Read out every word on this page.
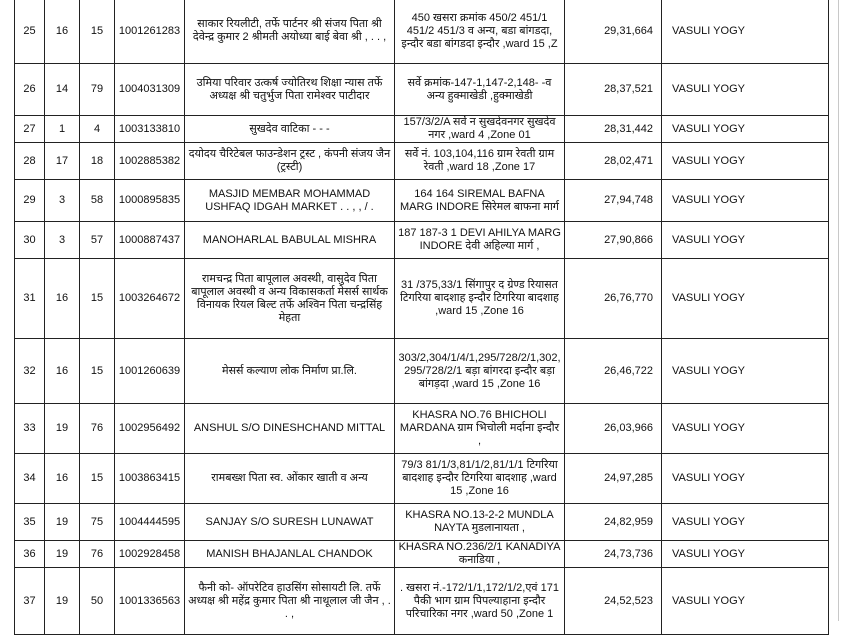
25	16	15	1001261283	साकार रियलीटी, तर्फे पार्टनर श्री संजय पिता श्री देवेन्द्र कुमार 2 श्रीमती अयोध्या बाई बेवा श्री , . . ,	450 खसरा क्रमांक 450/2 451/1 451/2 451/3 व अन्य, बडा बांगडदा, इन्दौर बडा बांगडदा इन्दौर ,ward 15 ,Z	29,31,664	VASULI YOGY
26	14	79	1004031309	उमिया परिवार उत्कर्ष ज्योतिरथ शिक्षा न्यास तर्फे अध्यक्ष श्री चतुर्भुज पिता रामेश्वर पाटीदार	सर्वे क्रमांक-147-1,147-2,148- -व अन्य हुक्माखेडी ,हुक्माखेडी	28,37,521	VASULI YOGY
27	1	4	1003133810	सुखदेव वाटिका - - -	157/3/2/A सर्वे न सुखदेवनगर सुखदेव नगर ,ward 4 ,Zone 01	28,31,442	VASULI YOGY
28	17	18	1002885382	दयोदय चैरिटेबल फाउन्डेशन ट्रस्ट , कंपनी संजय जैन (ट्रस्टी)	सर्वे नं. 103,104,116 ग्राम रेवती ग्राम रेवती ,ward 18 ,Zone 17	28,02,471	VASULI YOGY
29	3	58	1000895835	MASJID MEMBAR MOHAMMAD USHFAQ IDGAH MARKET . . , , / .	164 164 SIREMAL BAFNA MARG INDORE सिरेमल बाफना मार्ग	27,94,748	VASULI YOGY
30	3	57	1000887437	MANOHARLAL BABULAL MISHRA	187 187-3 1 DEVI AHILYA MARG INDORE देवी अहिल्या मार्ग ,	27,90,866	VASULI YOGY
31	16	15	1003264672	रामचन्द्र पिता बापूलाल अवस्थी, वासुदेव पिता बापूलाल अवस्थी व अन्य विकासकर्ता मेसर्स सार्थक विनायक रियल बिल्ट तर्फे अश्विन पिता चन्द्रसिंह मेहता	31 /375,33/1 सिंगापुर द ग्रेण्ड रियासत टिगरिया बादशाह इन्दौर टिगरिया बादशाह ,ward 15 ,Zone 16	26,76,770	VASULI YOGY
32	16	15	1001260639	मेसर्स कल्याण लोक निर्माण प्रा.लि.	303/2,304/1/4/1,295/728/2/1,302, 295/728/2/1 बड़ा बांगरदा इन्दौर बड़ा बांगड़दा ,ward 15 ,Zone 16	26,46,722	VASULI YOGY
33	19	76	1002956492	ANSHUL S/O DINESHCHAND MITTAL	KHASRA NO.76 BHICHOLI MARDANA ग्राम भिचोली मर्दाना इन्दौर ,	26,03,966	VASULI YOGY
34	16	15	1003863415	रामबख्श पिता स्व. ओंकार खाती व अन्य	79/3 81/1/3,81/1/2,81/1/1 टिगरिया बादशाह इन्दौर टिगरिया बादशाह ,ward 15 ,Zone 16	24,97,285	VASULI YOGY
35	19	75	1004444595	SANJAY S/O SURESH LUNAWAT	KHASRA NO.13-2-2 MUNDLA NAYTA मुडलानायता ,	24,82,959	VASULI YOGY
36	19	76	1002928458	MANISH BHAJANLAL CHANDOK	KHASRA NO.236/2/1 KANADIYA कनाडिया ,	24,73,736	VASULI YOGY
37	19	50	1001336563	फैनी को- ऑपरेटिव हाउसिंग सोसायटी लि. तर्फे अध्यक्ष श्री महेंद्र कुमार पिता श्री नाथूलाल जी जैन , . . ,	. खसरा नं.-172/1/1,172/1/2,एवं 171 पैकी भाग ग्राम पिपल्याहाना इन्दौर परिचारिका नगर ,ward 50 ,Zone 1	24,52,523	VASULI YOGY
